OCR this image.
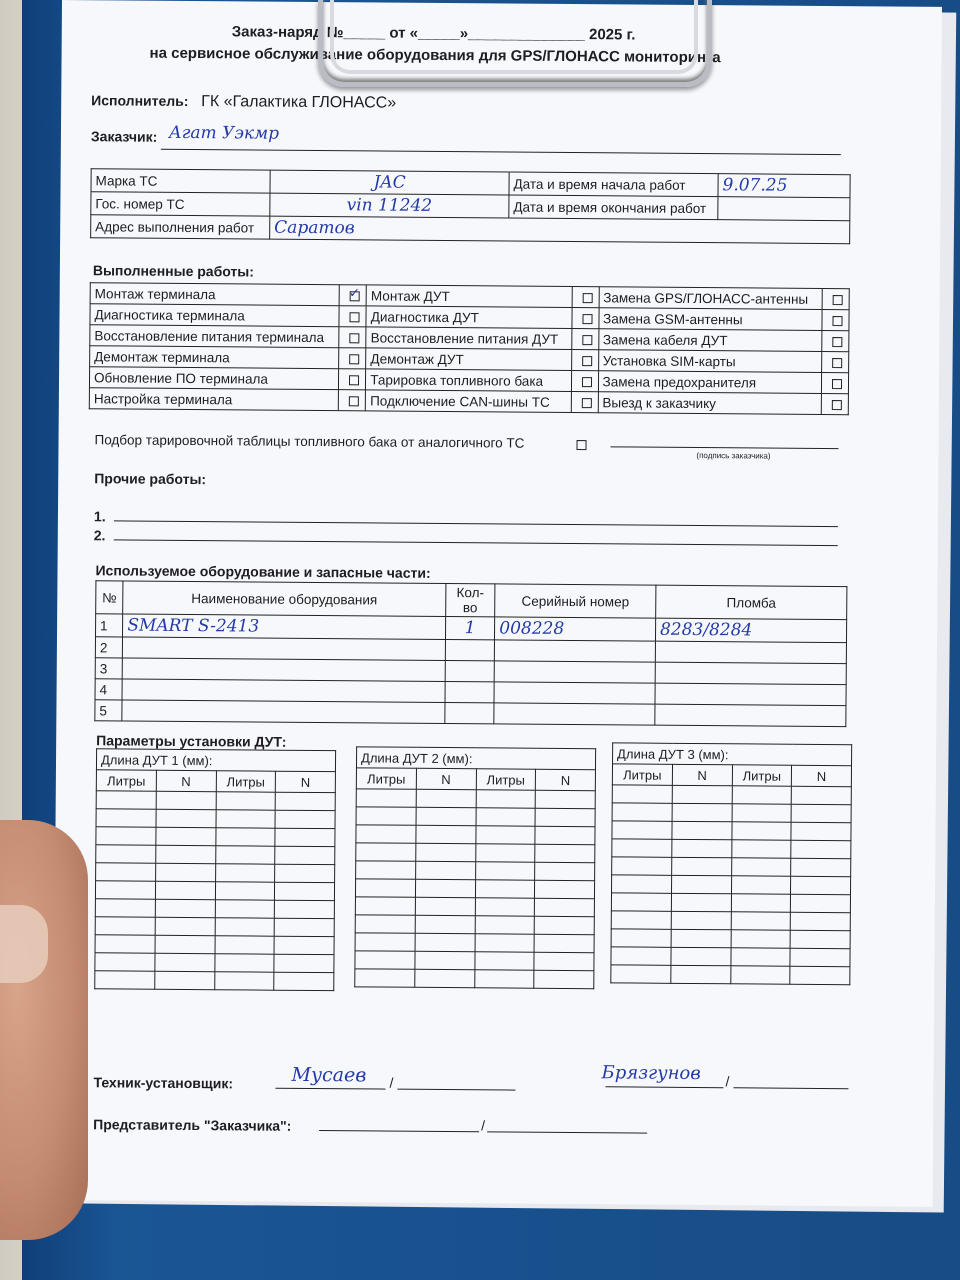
Заказ-наряд №_____ от «_____»______________ 2025 г.
на сервисное обслуживание оборудования для GPS/ГЛОНАСС мониторинга
Исполнитель: ГК «Галактика ГЛОНАСС»
Заказчик: Агат Уэкмр
Марка ТС	JAC	Дата и время начала работ	9.07.25
Гос. номер ТС	vin 11242	Дата и время окончания работ	
Адрес выполнения работ	Саратов		
Выполненные работы:
Монтаж терминала	✓	Монтаж ДУТ		Замена GPS/ГЛОНАСС-антенны	
Диагностика терминала		Диагностика ДУТ		Замена GSM-антенны	
Восстановление питания терминала		Восстановление питания ДУТ		Замена кабеля ДУТ	
Демонтаж терминала		Демонтаж ДУТ		Установка SIM-карты	
Обновление ПО терминала		Тарировка топливного бака		Замена предохранителя	
Настройка терминала		Подключение CAN-шины ТС		Выезд к заказчику	
Подбор тарировочной таблицы топливного бака от аналогичного ТС
(подпись заказчика)
Прочие работы:
1.
2.
Используемое оборудование и запасные части:
№	Наименование оборудования	Кол-во	Серийный номер	Пломба
1	SMART S-2413	1	008228	8283/8284
2				
3				
4				
5				
Параметры установки ДУТ:
Длина ДУТ 1 (мм):			
Литры	N	Литры	N

Длина ДУТ 2 (мм):			
Литры	N	Литры	N

Длина ДУТ 3 (мм):			
Литры	N	Литры	N

Техник-установщик:	Мусаев /	Брязгунов /
Представитель "Заказчика":	/
